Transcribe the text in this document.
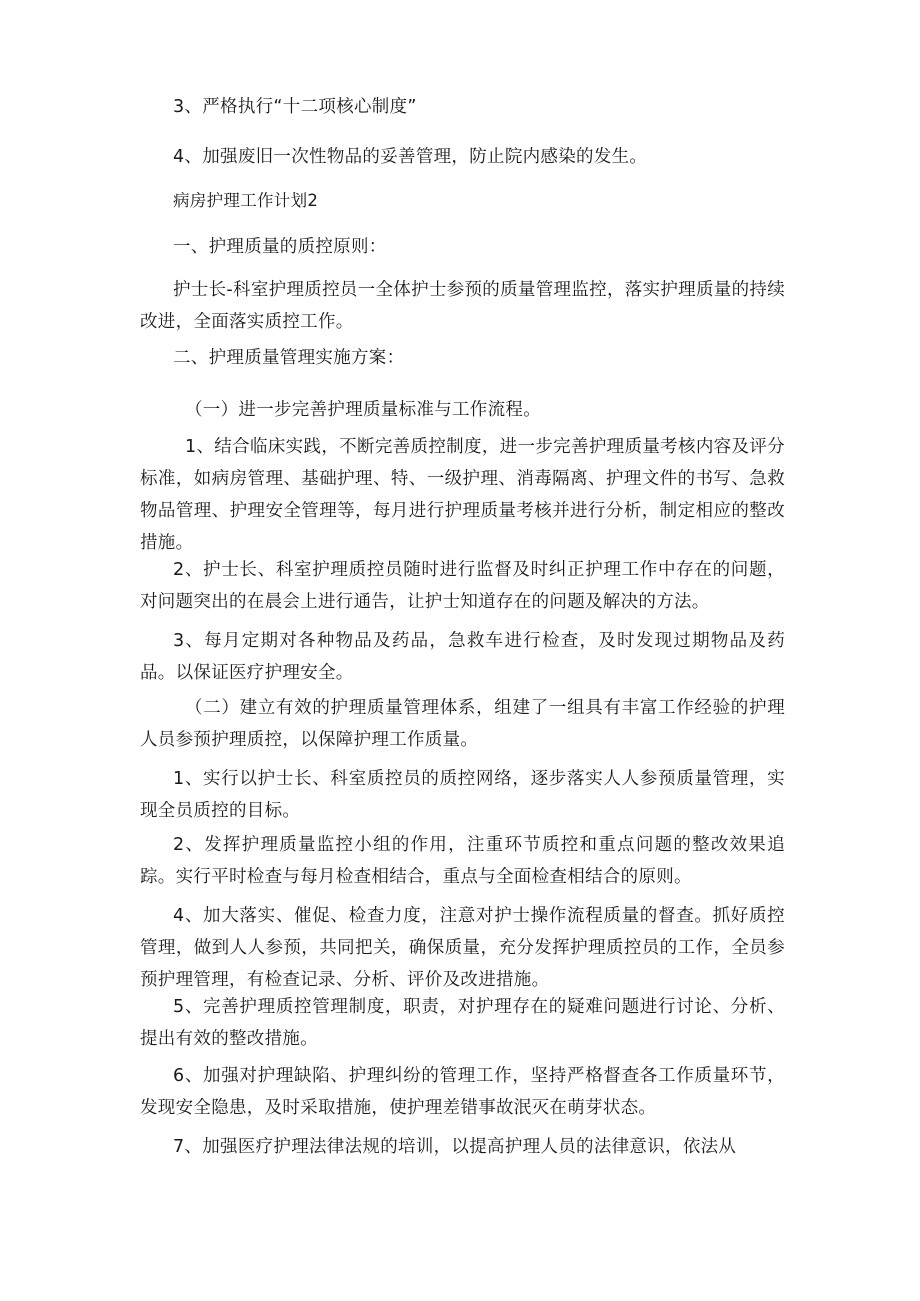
3、严格执行“十二项核心制度”
4、加强废旧一次性物品的妥善管理，防止院内感染的发生。
病房护理工作计划2
一、护理质量的质控原则：
护士长-科室护理质控员一全体护士参预的质量管理监控，落实护理质量的持续改进，全面落实质控工作。
二、护理质量管理实施方案：
（一）进一步完善护理质量标准与工作流程。
1、结合临床实践，不断完善质控制度，进一步完善护理质量考核内容及评分标准，如病房管理、基础护理、特、一级护理、消毒隔离、护理文件的书写、急救物品管理、护理安全管理等，每月进行护理质量考核并进行分析，制定相应的整改措施。
2、护士长、科室护理质控员随时进行监督及时纠正护理工作中存在的问题，对问题突出的在晨会上进行通告，让护士知道存在的问题及解决的方法。
3、每月定期对各种物品及药品，急救车进行检查，及时发现过期物品及药品。以保证医疗护理安全。
（二）建立有效的护理质量管理体系，组建了一组具有丰富工作经验的护理人员参预护理质控，以保障护理工作质量。
1、实行以护士长、科室质控员的质控网络，逐步落实人人参预质量管理，实现全员质控的目标。
2、发挥护理质量监控小组的作用，注重环节质控和重点问题的整改效果追踪。实行平时检查与每月检查相结合，重点与全面检查相结合的原则。
4、加大落实、催促、检查力度，注意对护士操作流程质量的督查。抓好质控管理，做到人人参预，共同把关，确保质量，充分发挥护理质控员的工作，全员参预护理管理，有检查记录、分析、评价及改进措施。
5、完善护理质控管理制度，职责，对护理存在的疑难问题进行讨论、分析、提出有效的整改措施。
6、加强对护理缺陷、护理纠纷的管理工作，坚持严格督查各工作质量环节，发现安全隐患，及时采取措施，使护理差错事故泯灭在萌芽状态。
7、加强医疗护理法律法规的培训，以提高护理人员的法律意识，依法从
